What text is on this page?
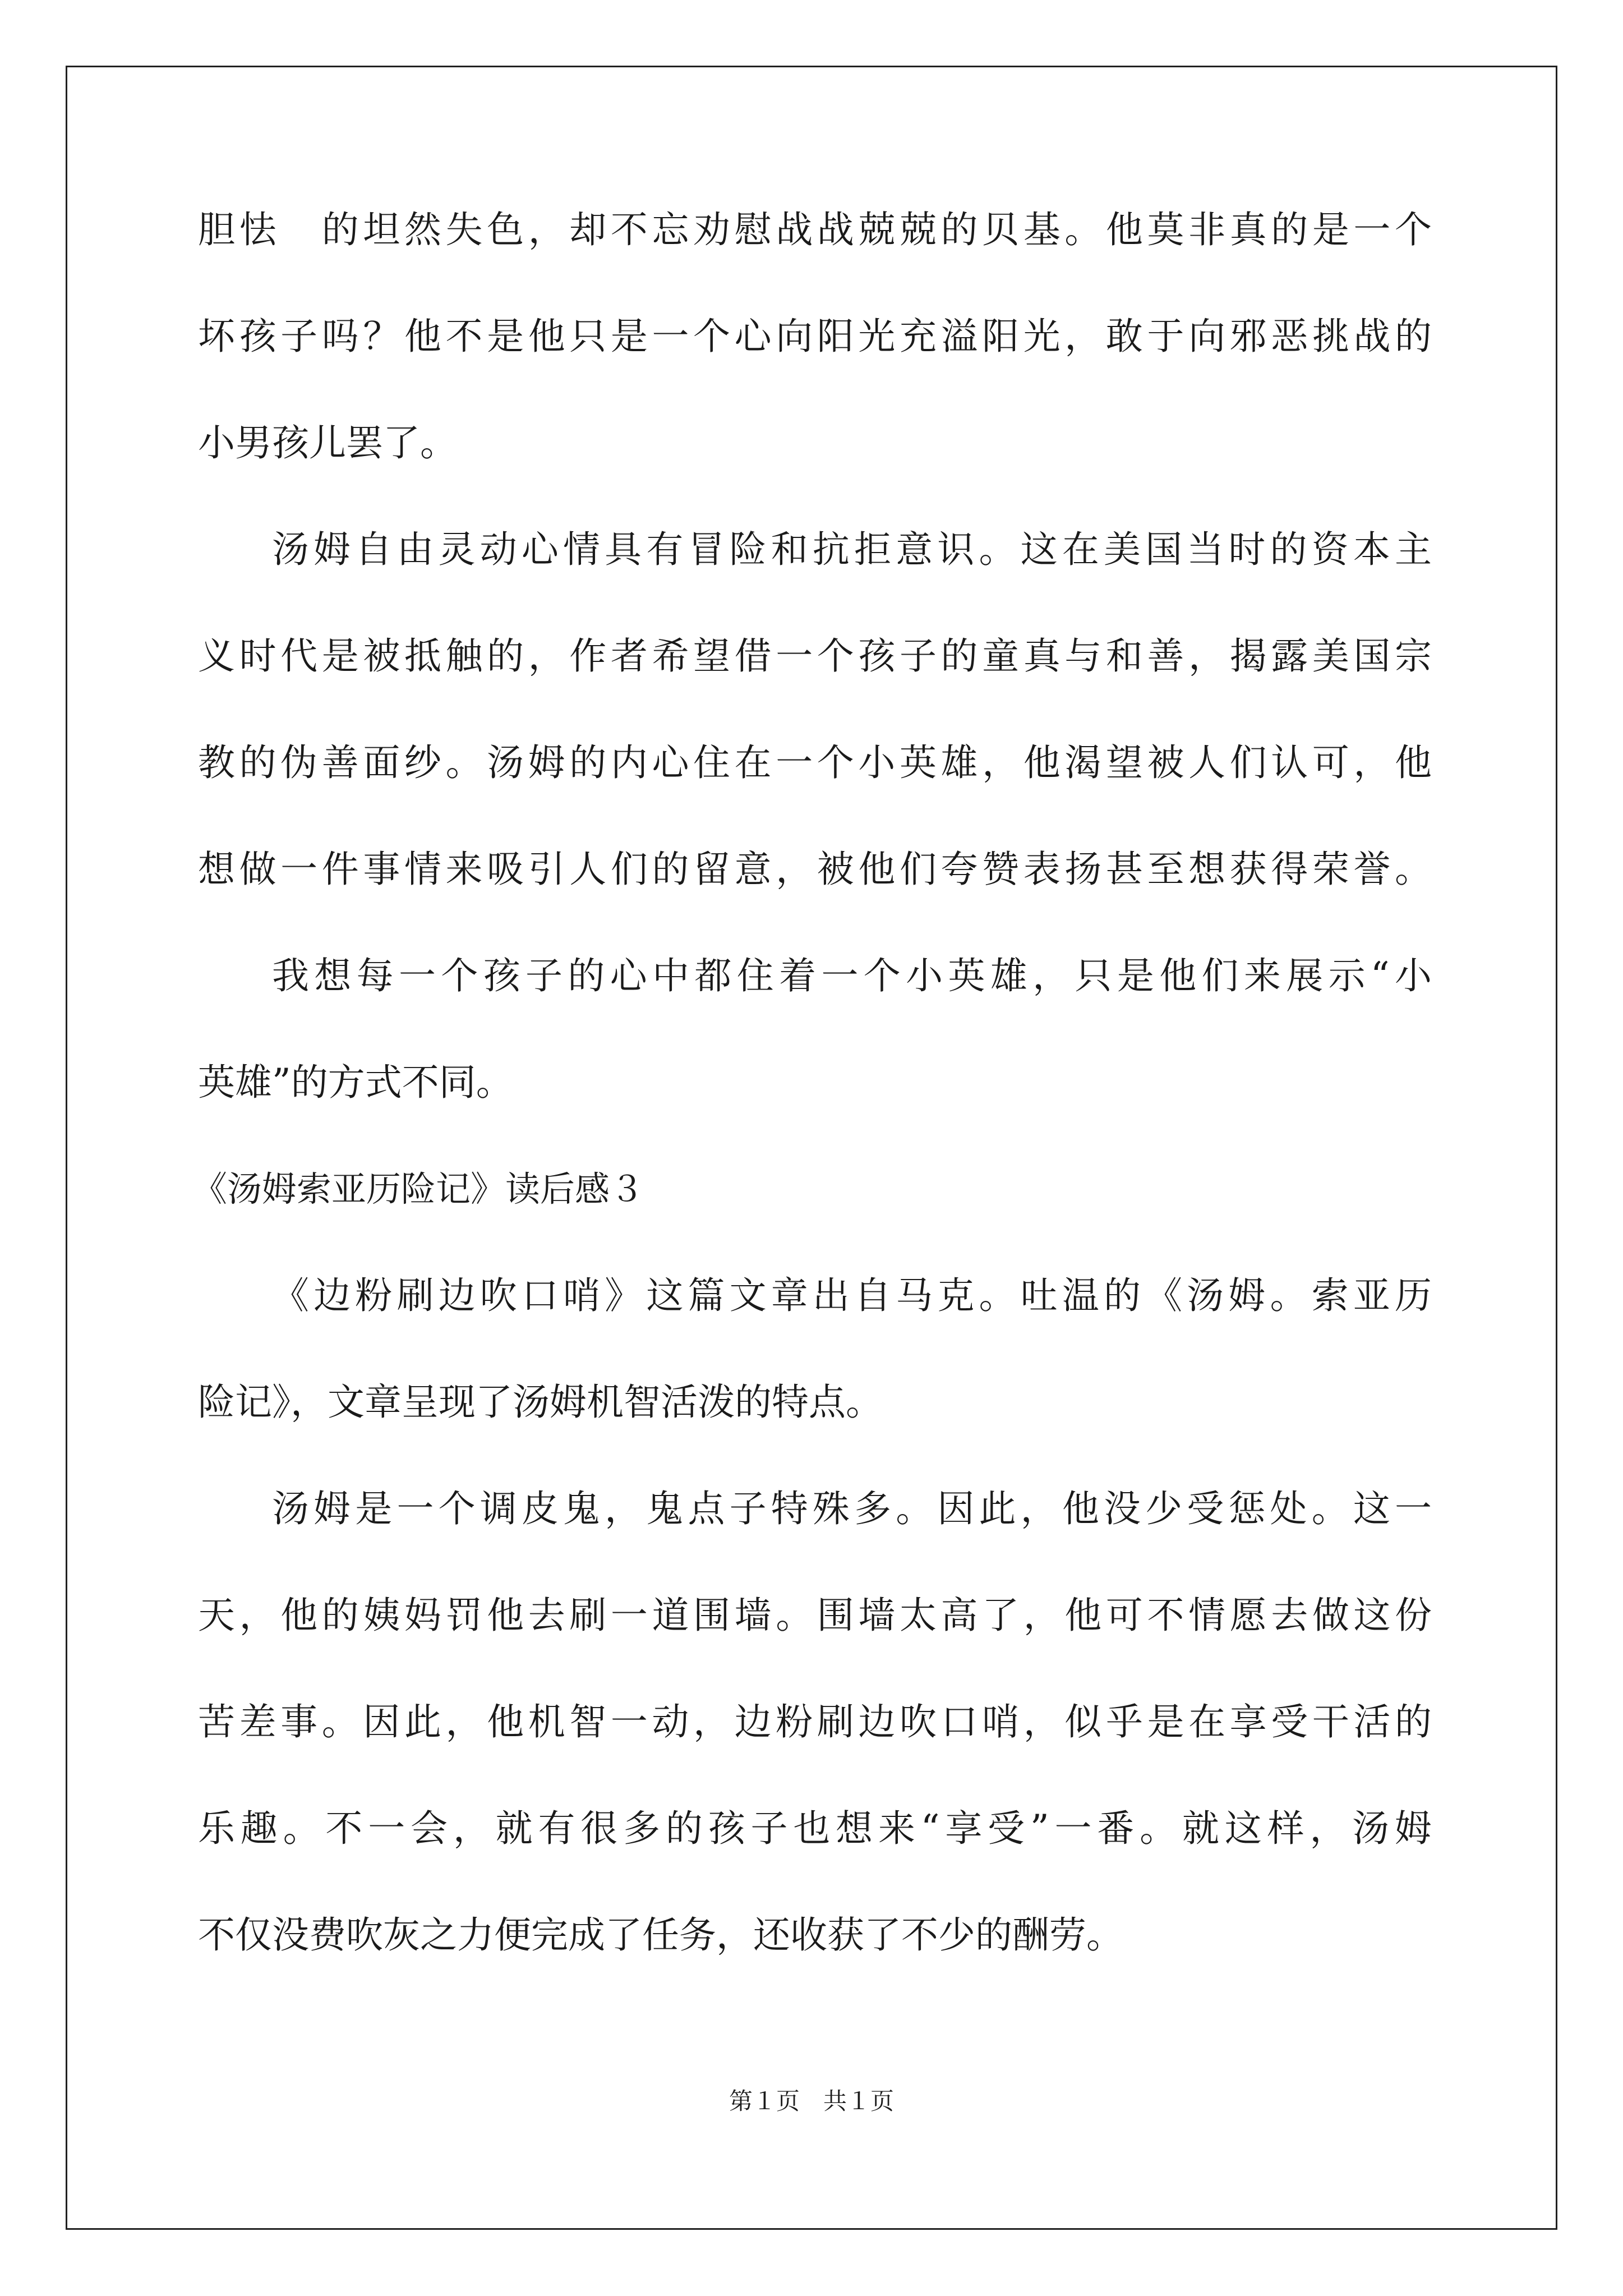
胆怯　的坦然失色，却不忘劝慰战战兢兢的贝基。他莫非真的是一个
坏孩子吗？他不是他只是一个心向阳光充溢阳光，敢于向邪恶挑战的
小男孩儿罢了。
汤姆自由灵动心情具有冒险和抗拒意识。这在美国当时的资本主
义时代是被抵触的，作者希望借一个孩子的童真与和善，揭露美国宗
教的伪善面纱。汤姆的内心住在一个小英雄，他渴望被人们认可，他
想做一件事情来吸引人们的留意，被他们夸赞表扬甚至想获得荣誉。
我想每一个孩子的心中都住着一个小英雄，只是他们来展示“小
英雄”的方式不同。
《汤姆索亚历险记》读后感３
《边粉刷边吹口哨》这篇文章出自马克。吐温的《汤姆。索亚历
险记》，文章呈现了汤姆机智活泼的特点。
汤姆是一个调皮鬼，鬼点子特殊多。因此，他没少受惩处。这一
天，他的姨妈罚他去刷一道围墙。围墙太高了，他可不情愿去做这份
苦差事。因此，他机智一动，边粉刷边吹口哨，似乎是在享受干活的
乐趣。不一会，就有很多的孩子也想来“享受”一番。就这样，汤姆
不仅没费吹灰之力便完成了任务，还收获了不少的酬劳。
第１页　共１页
